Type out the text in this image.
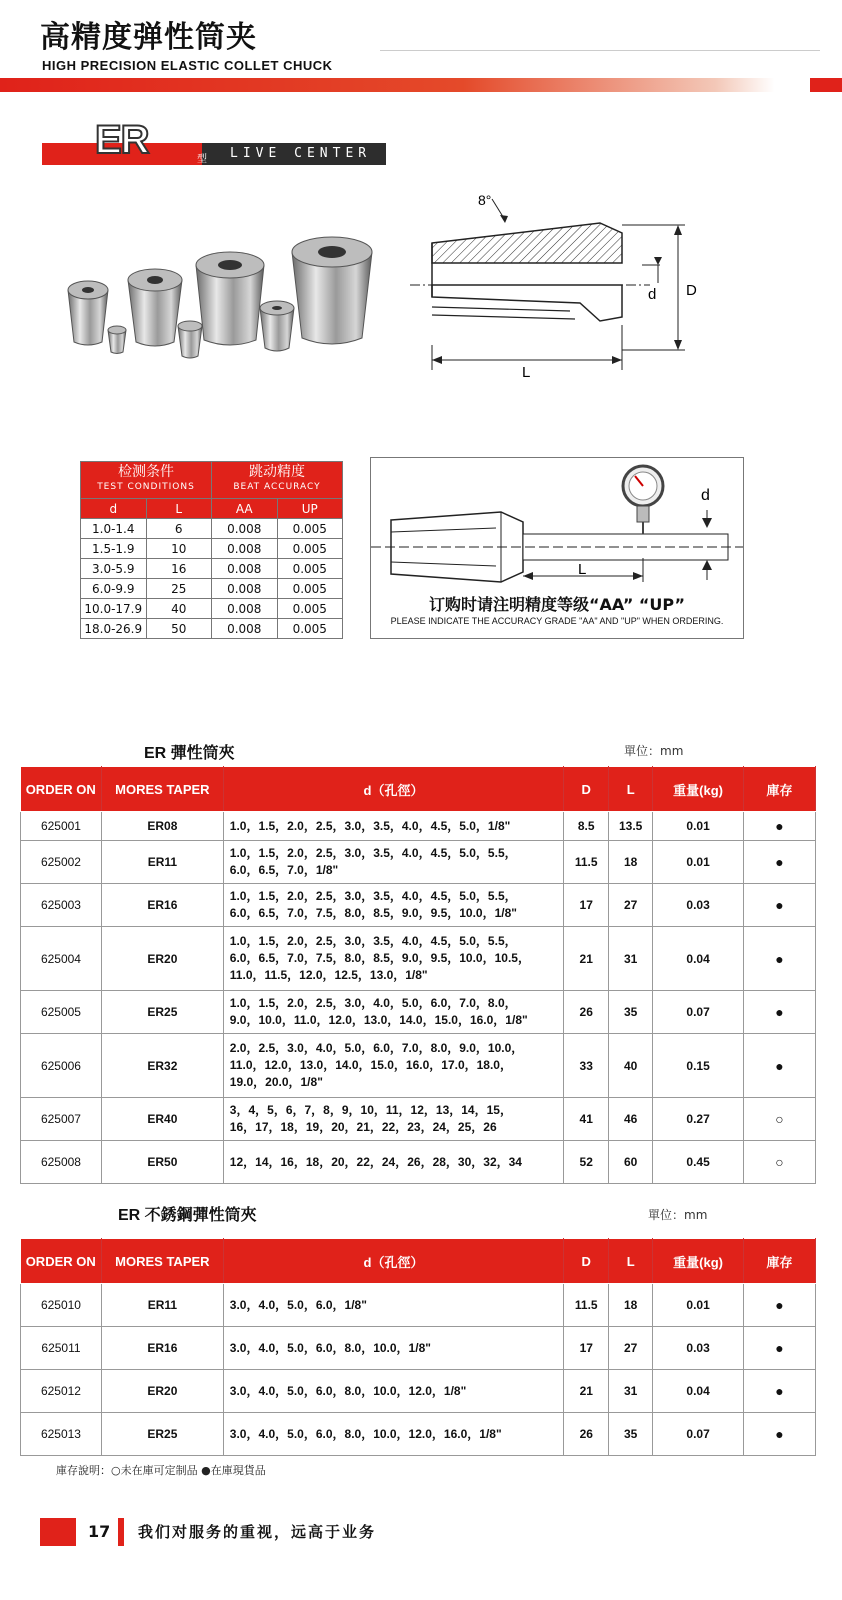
高精度弹性筒夹
HIGH PRECISION ELASTIC COLLET CHUCK
LIVE CENTER
ER	型
8°
d D
L
检测条件
TEST CONDITIONS		跳动精度
BEAT ACCURACY	

d	L	AA	UP
1.0-1.4	6	0.008	0.005
1.5-1.9	10	0.008	0.005
3.0-5.9	16	0.008	0.005
6.0-9.9	25	0.008	0.005
10.0-17.9	40	0.008	0.005
18.0-26.9	50	0.008	0.005
d
L
订购时请注明精度等级“AA” “UP”
PLEASE INDICATE THE ACCURACY GRADE "AA" AND "UP" WHEN ORDERING.
ER 彈性筒夾	單位：mm
ORDER ON	MORES TAPER	d（孔徑）	D	L	重量(kg)	庫存
625001	ER08	1.0，1.5，2.0，2.5，3.0，3.5，4.0，4.5，5.0，1/8"	8.5	13.5	0.01	●
625002	ER11	1.0，1.5，2.0，2.5，3.0，3.5，4.0，4.5，5.0，5.5，
6.0，6.5，7.0，1/8"	11.5	18	0.01	●
625003	ER16	1.0，1.5，2.0，2.5，3.0，3.5，4.0，4.5，5.0，5.5，
6.0，6.5，7.0，7.5，8.0，8.5，9.0，9.5，10.0，1/8"	17	27	0.03	●
625004	ER20	1.0，1.5，2.0，2.5，3.0，3.5，4.0，4.5，5.0，5.5，
6.0，6.5，7.0，7.5，8.0，8.5，9.0，9.5，10.0，10.5，
11.0，11.5，12.0，12.5，13.0，1/8"	21	31	0.04	●
625005	ER25	1.0，1.5，2.0，2.5，3.0，4.0，5.0，6.0，7.0，8.0，
9.0，10.0，11.0，12.0，13.0，14.0，15.0，16.0，1/8"	26	35	0.07	●
625006	ER32	2.0，2.5，3.0，4.0，5.0，6.0，7.0，8.0，9.0，10.0，
11.0，12.0，13.0，14.0，15.0，16.0，17.0，18.0，
19.0，20.0，1/8"	33	40	0.15	●
625007	ER40	3，4，5，6，7，8，9，10，11，12，13，14，15，
16，17，18，19，20，21，22，23，24，25，26	41	46	0.27	○
625008	ER50	12，14，16，18，20，22，24，26，28，30，32，34	52	60	0.45	○
ER 不銹鋼彈性筒夾	單位：mm
ORDER ON	MORES TAPER	d（孔徑）	D	L	重量(kg)	庫存
625010	ER11	3.0，4.0，5.0，6.0，1/8"	11.5	18	0.01	●
625011	ER16	3.0，4.0，5.0，6.0，8.0，10.0，1/8"	17	27	0.03	●
625012	ER20	3.0，4.0，5.0，6.0，8.0，10.0，12.0，1/8"	21	31	0.04	●
625013	ER25	3.0，4.0，5.0，6.0，8.0，10.0，12.0，16.0，1/8"	26	35	0.07	●
庫存說明：○未在庫可定制品 ●在庫現貨品
17 我们对服务的重视，远高于业务
